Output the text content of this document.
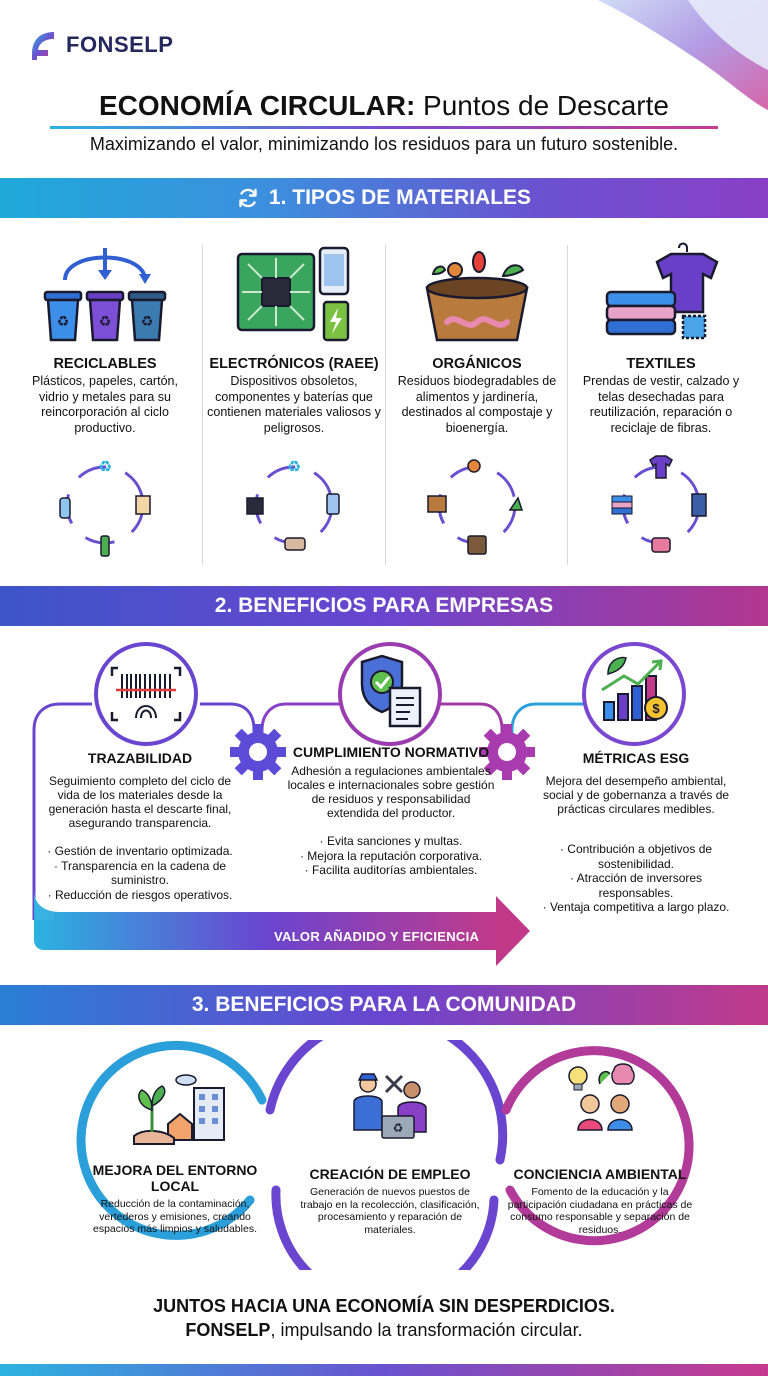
FONSELP
ECONOMÍA CIRCULAR: Puntos de Descarte
Maximizando el valor, minimizando los residuos para un futuro sostenible.
1. TIPOS DE MATERIALES
♻ ♻ ♻
RECICLABLES
Plásticos, papeles, cartón, vidrio y metales para su reincorporación al ciclo productivo.
♻
ELECTRÓNICOS (RAEE)
Dispositivos obsoletos, componentes y baterías que contienen materiales valiosos y peligrosos.
♻
ORGÁNICOS
Residuos biodegradables de alimentos y jardinería, destinados al compostaje y bioenergía.
TEXTILES
Prendas de vestir, calzado y telas desechadas para reutilización, reparación o reciclaje de fibras.
2. BENEFICIOS PARA EMPRESAS
$
VALOR AÑADIDO Y EFICIENCIA
TRAZABILIDAD
Seguimiento completo del ciclo de vida de los materiales desde la generación hasta el descarte final, asegurando transparencia.
· Gestión de inventario optimizada.
· Transparencia en la cadena de suministro.
· Reducción de riesgos operativos.
CUMPLIMIENTO NORMATIVO
Adhesión a regulaciones ambientales locales e internacionales sobre gestión de residuos y responsabilidad extendida del productor.
· Evita sanciones y multas.
· Mejora la reputación corporativa.
· Facilita auditorías ambientales.
MÉTRICAS ESG
Mejora del desempeño ambiental, social y de gobernanza a través de prácticas circulares medibles.
· Contribución a objetivos de sostenibilidad.
· Atracción de inversores responsables.
· Ventaja competitiva a largo plazo.
3. BENEFICIOS PARA LA COMUNIDAD
♻
MEJORA DEL ENTORNO LOCAL
Reducción de la contaminación, vertederos y emisiones, creando espacios más limpios y saludables.
CREACIÓN DE EMPLEO
Generación de nuevos puestos de trabajo en la recolección, clasificación, procesamiento y reparación de materiales.
CONCIENCIA AMBIENTAL
Fomento de la educación y la participación ciudadana en prácticas de consumo responsable y separación de residuos.
JUNTOS HACIA UNA ECONOMÍA SIN DESPERDICIOS.
FONSELP, impulsando la transformación circular.
